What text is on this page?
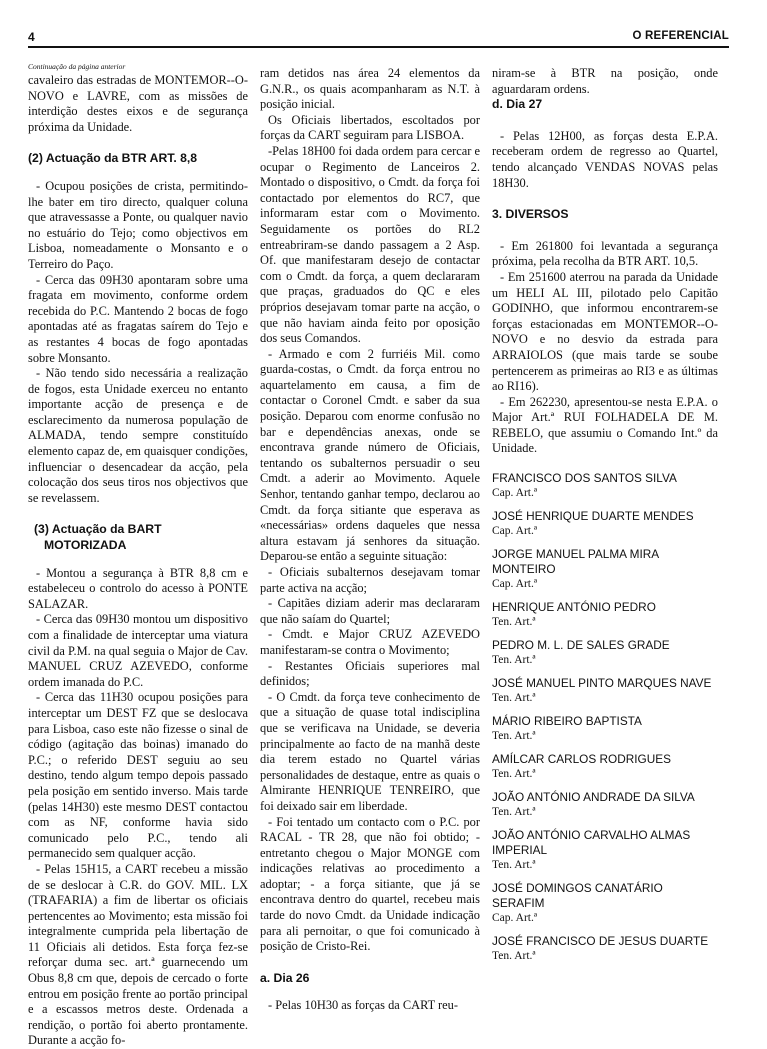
4	O REFERENCIAL

Continuação da página anterior

cavaleiro das estradas de MONTEMOR--O-NOVO e LAVRE, com as missões de interdição destes eixos e de segurança próxima da Unidade.

(2) Actuação da BTR ART. 8,8

- Ocupou posições de crista, permitindo-lhe bater em tiro directo, qualquer coluna que atravessasse a Ponte, ou qualquer navio no estuário do Tejo; como objectivos em Lisboa, nomeadamente o Monsanto e o Terreiro do Paço.

- Cerca das 09H30 apontaram sobre uma fragata em movimento, conforme ordem recebida do P.C. Mantendo 2 bocas de fogo apontadas até as fragatas saírem do Tejo e as restantes 4 bocas de fogo apontadas sobre Monsanto.

- Não tendo sido necessária a realização de fogos, esta Unidade exerceu no entanto importante acção de presença e de esclarecimento da numerosa população de ALMADA, tendo sempre constituído elemento capaz de, em quaisquer condições, influenciar o desencadear da acção, pela colocação dos seus tiros nos objectivos que se revelassem.

(3) Actuação da BART

MOTORIZADA

- Montou a segurança à BTR 8,8 cm e estabeleceu o controlo do acesso à PONTE SALAZAR.

- Cerca das 09H30 montou um dispositivo com a finalidade de interceptar uma viatura civil da P.M. na qual seguia o Major de Cav. MANUEL CRUZ AZEVEDO, conforme ordem imanada do P.C.

- Cerca das 11H30 ocupou posições para interceptar um DEST FZ que se deslocava para Lisboa, caso este não fizesse o sinal de código (agitação das boinas) imanado do P.C.; o referido DEST seguiu ao seu destino, tendo algum tempo depois passado pela posição em sentido inverso. Mais tarde (pelas 14H30) este mesmo DEST contactou com as NF, conforme havia sido comunicado pelo P.C., tendo ali permanecido sem qualquer acção.

- Pelas 15H15, a CART recebeu a missão de se deslocar à C.R. do GOV. MIL. LX (TRAFARIA) a fim de libertar os oficiais pertencentes ao Movimento; esta missão foi integralmente cumprida pela libertação de 11 Oficiais ali detidos. Esta força fez-se reforçar duma sec. art.ª guarnecendo um Obus 8,8 cm que, depois de cercado o forte entrou em posição frente ao portão principal e a escassos metros deste. Ordenada a rendição, o portão foi aberto prontamente. Durante a acção fo-

ram detidos nas área 24 elementos da G.N.R., os quais acompanharam as N.T. à posição inicial.

Os Oficiais libertados, escoltados por forças da CART seguiram para LISBOA.

-Pelas 18H00 foi dada ordem para cercar e ocupar o Regimento de Lanceiros 2. Montado o dispositivo, o Cmdt. da força foi contactado por elementos do RC7, que informaram estar com o Movimento. Seguidamente os portões do RL2 entreabriram-se dando passagem a 2 Asp. Of. que manifestaram desejo de contactar com o Cmdt. da força, a quem declararam que praças, graduados do QC e eles próprios desejavam tomar parte na acção, o que não haviam ainda feito por oposição dos seus Comandos.

- Armado e com 2 furriéis Mil. como guarda-costas, o Cmdt. da força entrou no aquartelamento em causa, a fim de contactar o Coronel Cmdt. e saber da sua posição. Deparou com enorme confusão no bar e dependências anexas, onde se encontrava grande número de Oficiais, tentando os subalternos persuadir o seu Cmdt. a aderir ao Movimento. Aquele Senhor, tentando ganhar tempo, declarou ao Cmdt. da força sitiante que esperava as «necessárias» ordens daqueles que nessa altura estavam já senhores da situação. Deparou-se então a seguinte situação:

- Oficiais subalternos desejavam tomar parte activa na acção;

- Capitães diziam aderir mas declararam que não saíam do Quartel;

- Cmdt. e Major CRUZ AZEVEDO manifestaram-se contra o Movimento;

- Restantes Oficiais superiores mal definidos;

- O Cmdt. da força teve conhecimento de que a situação de quase total indisciplina que se verificava na Unidade, se deveria principalmente ao facto de na manhã deste dia terem estado no Quartel várias personalidades de destaque, entre as quais o Almirante HENRIQUE TENREIRO, que foi deixado sair em liberdade.

- Foi tentado um contacto com o P.C. por RACAL - TR 28, que não foi obtido; - entretanto chegou o Major MONGE com indicações relativas ao procedimento a adoptar; - a força sitiante, que já se encontrava dentro do quartel, recebeu mais tarde do novo Cmdt. da Unidade indicação para ali pernoitar, o que foi comunicado à posição de Cristo-Rei.

a. Dia 26

- Pelas 10H30 as forças da CART reu-

niram-se à BTR na posição, onde aguardaram ordens.

d. Dia 27

- Pelas 12H00, as forças desta E.P.A. receberam ordem de regresso ao Quartel, tendo alcançado VENDAS NOVAS pelas 18H30.

3. DIVERSOS

- Em 261800 foi levantada a segurança próxima, pela recolha da BTR ART. 10,5.

- Em 251600 aterrou na parada da Unidade um HELI AL III, pilotado pelo Capitão GODINHO, que informou encontrarem-se forças estacionadas em MONTEMOR--O-NOVO e no desvio da estrada para ARRAIOLOS (que mais tarde se soube pertencerem as primeiras ao RI3 e as últimas ao RI16).

- Em 262230, apresentou-se nesta E.P.A. o Major Art.ª RUI FOLHADELA DE M. REBELO, que assumiu o Comando Int.º da Unidade.

FRANCISCO DOS SANTOS SILVA
Cap. Art.ª
JOSÉ HENRIQUE DUARTE MENDES
Cap. Art.ª
JORGE MANUEL PALMA MIRA MONTEIRO
Cap. Art.ª
HENRIQUE ANTÓNIO PEDRO
Ten. Art.ª
PEDRO M. L. DE SALES GRADE
Ten. Art.ª
JOSÉ MANUEL PINTO MARQUES NAVE
Ten. Art.ª
MÁRIO RIBEIRO BAPTISTA
Ten. Art.ª
AMÍLCAR CARLOS RODRIGUES
Ten. Art.ª
JOÃO ANTÓNIO ANDRADE DA SILVA
Ten. Art.ª
JOÃO ANTÓNIO CARVALHO ALMAS IMPERIAL
Ten. Art.ª
JOSÉ DOMINGOS CANATÁRIO SERAFIM
Cap. Art.ª
JOSÉ FRANCISCO DE JESUS DUARTE
Ten. Art.ª
